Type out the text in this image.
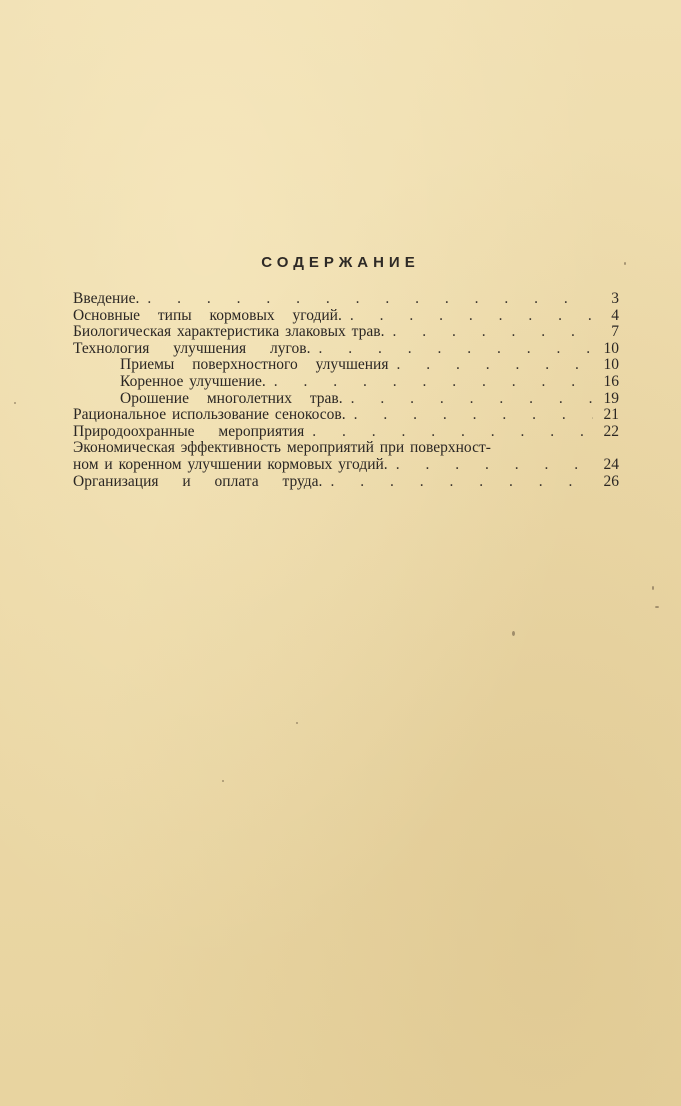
СОДЕРЖАНИЕ
Введение. . . .	3
Основные типы кормовых угодий. . . .	4
Биологическая характеристика злаковых трав. . . .	7
Технология улучшения лугов. . . .	10
Приемы поверхностного улучшения . . .	10
Коренное улучшение. . . .	16
Орошение многолетних трав. . . .	19
Рациональное использование сенокосов. . . .	21
Природоохранные мероприятия . . .	22
Экономическая эффективность мероприятий при поверхност-
ном и коренном улучшении кормовых угодий. . . .	24
Организация и оплата труда. . . .	26
